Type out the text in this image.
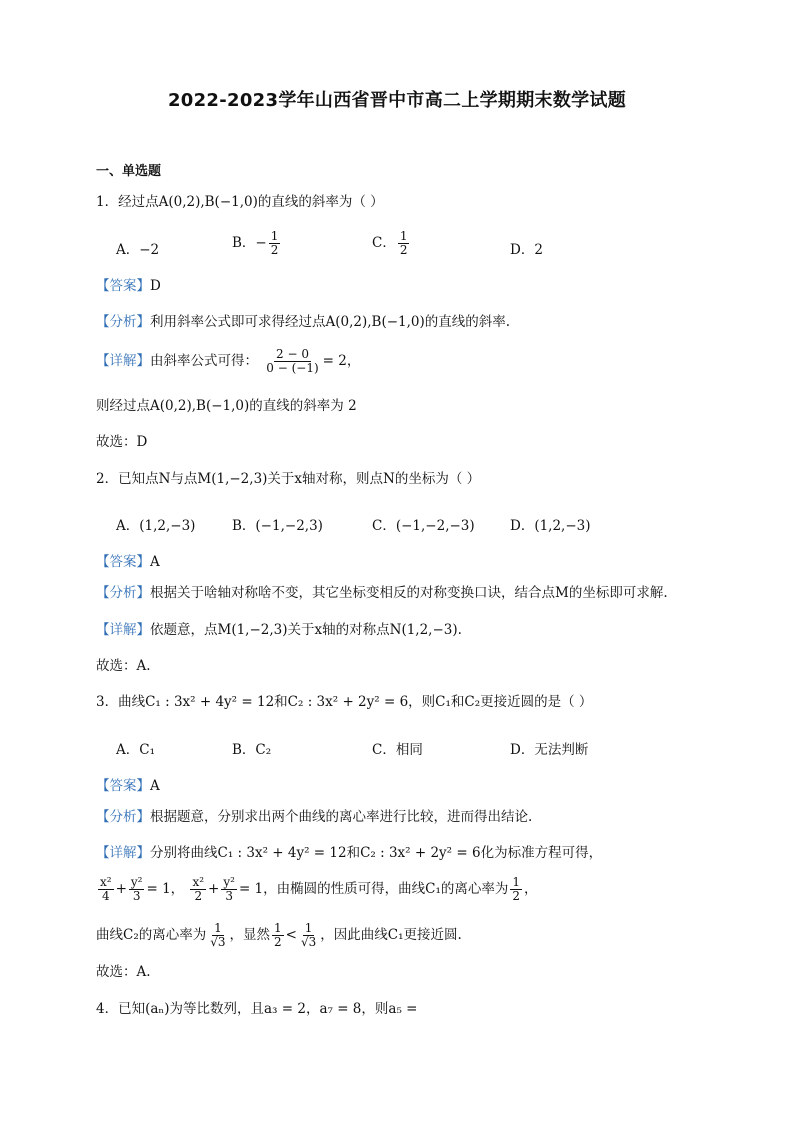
2022-2023学年山西省晋中市高二上学期期末数学试题
一、单选题
1．经过点A(0,2),B(−1,0)的直线的斜率为（ ）
A．−2	B．− $\frac{1}{2}$	C． $\frac{1}{2}$	D．2
【答案】D
【分析】利用斜率公式即可求得经过点A(0,2),B(−1,0)的直线的斜率.
【详解】由斜率公式可得： $\frac{2 - 0}{0 - (-1)} = 2$，
则经过点A(0,2),B(−1,0)的直线的斜率为 2
故选：D
2．已知点N与点M(1,−2,3)关于x轴对称，则点N的坐标为（ ）
A．(1,2,−3)	B．(−1,−2,3)	C．(−1,−2,−3)	D．(1,2,−3)
【答案】A
【分析】根据关于啥轴对称啥不变，其它坐标变相反的对称变换口诀，结合点M的坐标即可求解.
【详解】依题意，点M(1,−2,3)关于x轴的对称点N(1,2,−3).
故选：A.
3．曲线C₁ : 3x² + 4y² = 12和C₂ : 3x² + 2y² = 6，则C₁和C₂更接近圆的是（ ）
A．C₁	B．C₂	C．相同	D．无法判断
【答案】A
【分析】根据题意，分别求出两个曲线的离心率进行比较，进而得出结论.
【详解】分别将曲线C₁ : 3x² + 4y² = 12和C₂ : 3x² + 2y² = 6化为标准方程可得，
$\frac{\text{x²}}{4} + \frac{\text{y²}}{3} = 1$， $\frac{\text{x²}}{2} + \frac{\text{y²}}{3} = 1$，由椭圆的性质可得，曲线C₁的离心率为 $\frac{1}{2}$ ，
曲线C₂的离心率为 $\frac{1}{√3}$ ，显然 $\frac{1}{2} < \frac{1}{√3}$ ，因此曲线C₁更接近圆.
故选：A.
4．已知(aₙ)为等比数列，且a₃ = 2，a₇ = 8，则a₅ =
